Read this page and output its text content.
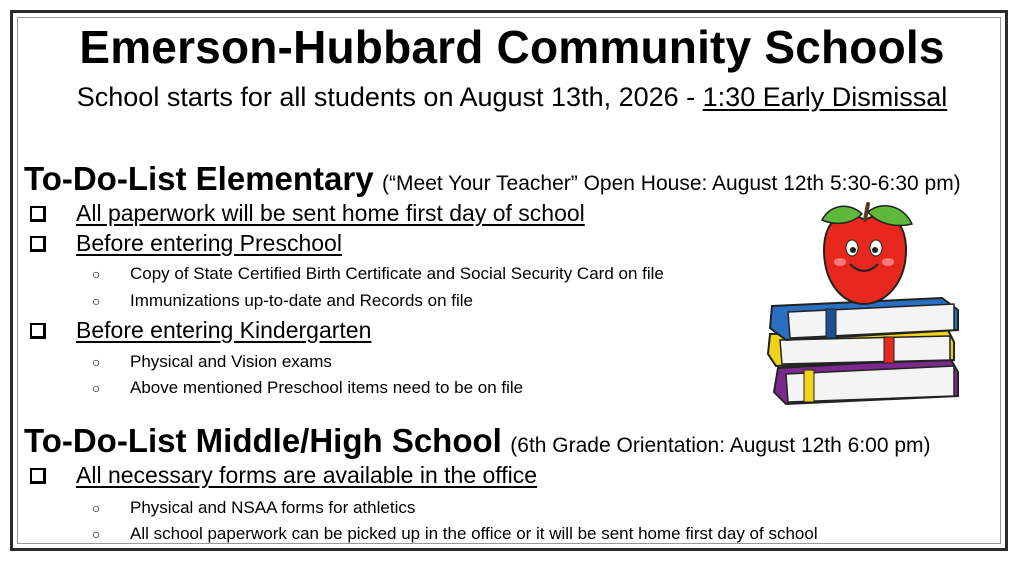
Emerson-Hubbard Community Schools
School starts for all students on August 13th, 2026 - 1:30 Early Dismissal
To-Do-List Elementary (“Meet Your Teacher” Open House: August 12th 5:30-6:30 pm)
All paperwork will be sent home first day of school
Before entering Preschool
○ Copy of State Certified Birth Certificate and Social Security Card on file
○ Immunizations up-to-date and Records on file
Before entering Kindergarten
○ Physical and Vision exams
○ Above mentioned Preschool items need to be on file
To-Do-List Middle/High School (6th Grade Orientation: August 12th 6:00 pm)
All necessary forms are available in the office
○ Physical and NSAA forms for athletics
○ All school paperwork can be picked up in the office or it will be sent home first day of school
